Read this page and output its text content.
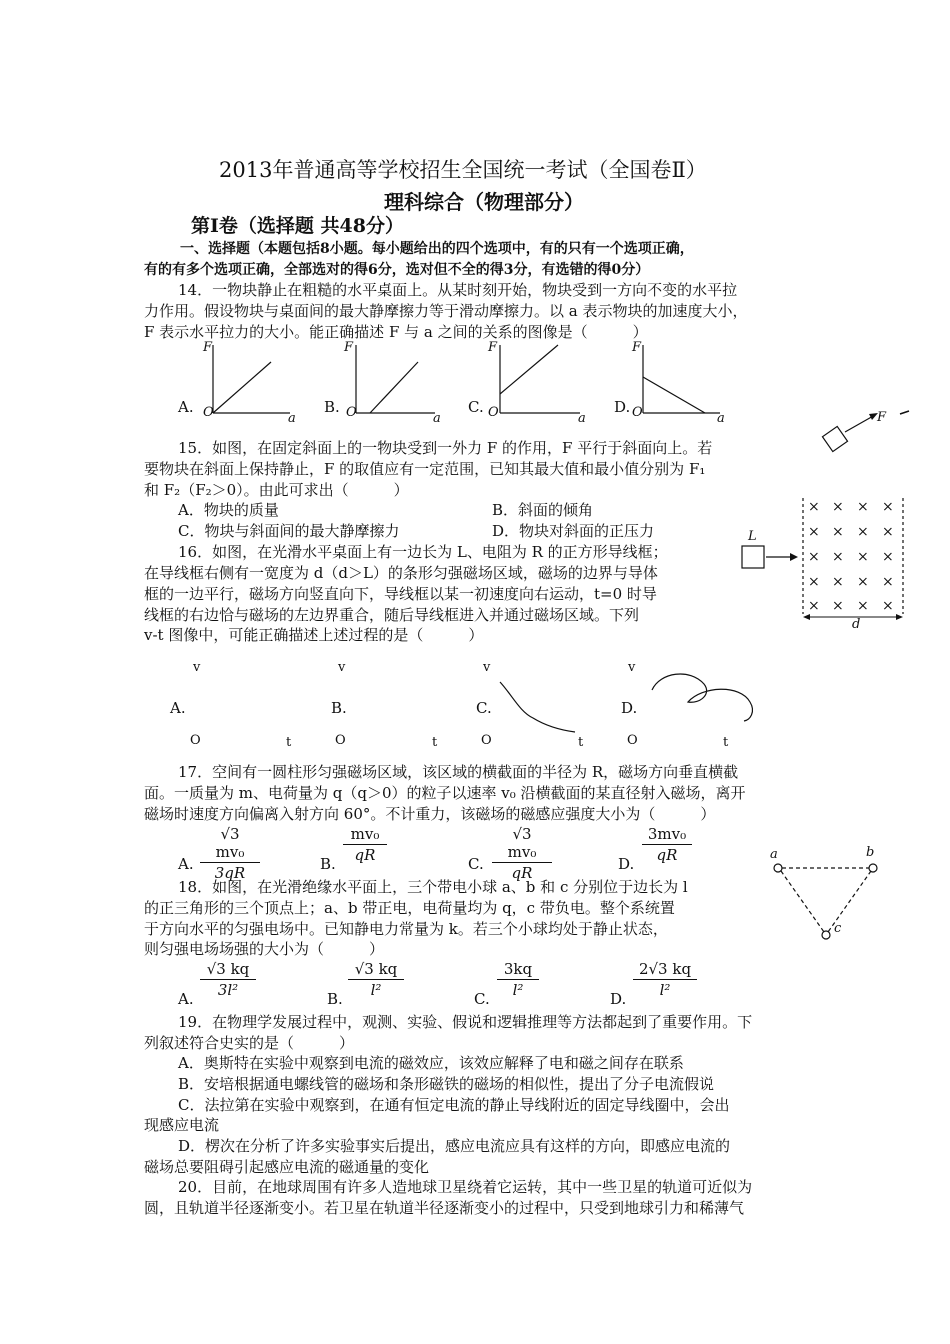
2013年普通高等学校招生全国统一考试（全国卷Ⅱ）
理科综合（物理部分）
第Ⅰ卷（选择题 共48分）
一、选择题（本题包括8小题。每小题给出的四个选项中，有的只有一个选项正确，
有的有多个选项正确，全部选对的得6分，选对但不全的得3分，有选错的得0分）
14．一物块静止在粗糙的水平桌面上。从某时刻开始，物块受到一方向不变的水平拉
力作用。假设物块与桌面间的最大静摩擦力等于滑动摩擦力。以 a 表示物块的加速度大小，
F 表示水平拉力的大小。能正确描述 F 与 a 之间的关系的图像是（　　　）
A.
F
O	a
B.
F
O	a
C.
F
O	a
D.
F
O	a	F
L
× × × ×
× × × ×
× × × ×
× × × ×
× × × ×
d
v
A.
O	t
v
B.
O	t
v
C.
O	t
v
D.
O	t
a	b
c
15．如图，在固定斜面上的一物块受到一外力 F 的作用，F 平行于斜面向上。若
要物块在斜面上保持静止，F 的取值应有一定范围，已知其最大值和最小值分别为 F₁
和 F₂（F₂＞0）。由此可求出（　　　）
A．物块的质量	B．斜面的倾角
C．物块与斜面间的最大静摩擦力	D．物块对斜面的正压力
16．如图，在光滑水平桌面上有一边长为 L、电阻为 R 的正方形导线框；
在导线框右侧有一宽度为 d（d＞L）的条形匀强磁场区域，磁场的边界与导体
框的一边平行，磁场方向竖直向下，导线框以某一初速度向右运动，t=0 时导
线框的右边恰与磁场的左边界重合，随后导线框进入并通过磁场区域。下列
v-t 图像中，可能正确描述上述过程的是（　　　）
17．空间有一圆柱形匀强磁场区域，该区域的横截面的半径为 R，磁场方向垂直横截
面。一质量为 m、电荷量为 q（q＞0）的粒子以速率 v₀ 沿横截面的某直径射入磁场，离开
磁场时速度方向偏离入射方向 60°。不计重力，该磁场的磁感应强度大小为（　　　）
A. $\frac{\text{√3 mv₀}}{3qR}$	B. $\frac{\text{mv₀}}{qR}$	C. $\frac{\text{√3 mv₀}}{qR}$	D. $\frac{\text{3mv₀}}{qR}$
18．如图，在光滑绝缘水平面上，三个带电小球 a、b 和 c 分别位于边长为 l
的正三角形的三个顶点上；a、b 带正电，电荷量均为 q，c 带负电。整个系统置
于方向水平的匀强电场中。已知静电力常量为 k。若三个小球均处于静止状态，
则匀强电场场强的大小为（　　　）
A. $\frac{√3 kq}{\text{3l²}}$	B. $\frac{√3 kq}{\text{l²}}$	C. $\frac{3kq}{\text{l²}}$	D. $\frac{2√3 kq}{\text{l²}}$
19．在物理学发展过程中，观测、实验、假说和逻辑推理等方法都起到了重要作用。下
列叙述符合史实的是（　　　）
A．奥斯特在实验中观察到电流的磁效应，该效应解释了电和磁之间存在联系
B．安培根据通电螺线管的磁场和条形磁铁的磁场的相似性，提出了分子电流假说
C．法拉第在实验中观察到，在通有恒定电流的静止导线附近的固定导线圈中，会出
现感应电流
D．楞次在分析了许多实验事实后提出，感应电流应具有这样的方向，即感应电流的
磁场总要阻碍引起感应电流的磁通量的变化
20．目前，在地球周围有许多人造地球卫星绕着它运转，其中一些卫星的轨道可近似为
圆，且轨道半径逐渐变小。若卫星在轨道半径逐渐变小的过程中，只受到地球引力和稀薄气
